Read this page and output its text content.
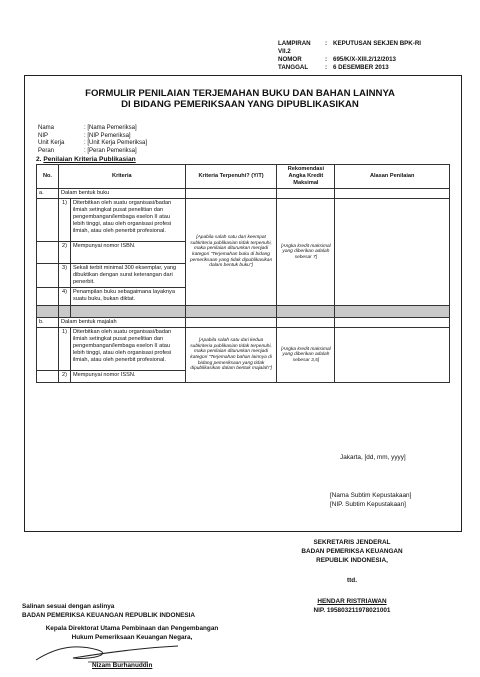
LAMPIRAN VII.2
: KEPUTUSAN SEKJEN BPK-RI
NOMOR	: 695/K/X-XIII.2/12/2013
TANGGAL	: 6 DESEMBER 2013
FORMULIR PENILAIAN TERJEMAHAN BUKU DAN BAHAN LAINNYA
DI BIDANG PEMERIKSAAN YANG DIPUBLIKASIKAN
Nama	: [Nama Pemeriksa]
NIP	: [NIP Pemeriksa]
Unit Kerja	: [Unit Kerja Pemeriksa]
Peran	: [Peran Pemeriksa]
2. Penilaian Kriteria Publikasian
No.	Kriteria		Kriteria Terpenuhi? (Y/T)	Rekomendasi Angka Kredit Maksimal	Alasan Penilaian
a.	Dalam bentuk buku				
	1)	Diterbitkan oleh suatu organisasi/badan ilmiah setingkat pusat penelitian dan pengembangan/lembaga eselon II atau lebih tinggi, atau oleh organisasi profesi ilmiah, atau oleh penerbit profesional.	[Apabila salah satu dari keempat subkriteria publikasian tidak terpenuhi, maka penilaian diturunkan menjadi kategori "Terjemahan buku di bidang pemeriksaan yang tidak dipublikasikan dalam bentuk buku"]	[Angka kredit maksimal yang diberikan adalah sebesar 7]	
	2)	Mempunyai nomor ISBN.			
	3)	Sekali terbit minimal 300 eksemplar, yang dibuktikan dengan surat keterangan dari penerbit.			
	4)	Penampilan buku sebagaimana layaknya suatu buku, bukan diktat.			

b.	Dalam bentuk majalah				
	1)	Diterbitkan oleh suatu organisasi/badan ilmiah setingkat pusat penelitian dan pengembangan/lembaga eselon II atau lebih tinggi, atau oleh organisasi profesi ilmiah, atau oleh penerbit profesional.	[Apabila salah satu dari kedua subkriteria publikasian tidak terpenuhi, maka penilaian diturunkan menjadi kategori "Terjemahan bahan lainnya di bidang pemeriksaan yang tidak dipublikasikan dalam bentuk majalah"]	[Angka kredit maksimal yang diberikan adalah sebesar 3,5]	
	2)	Mempunyai nomor ISSN.			
Jakarta, [dd, mm, yyyy]
[Nama Subtim Kepustakaan]
[NIP. Subtim Kepustakaan]
SEKRETARIS JENDERAL
BADAN PEMERIKSA KEUANGAN
REPUBLIK INDONESIA,
ttd.
HENDAR RISTRIAWAN
NIP. 195803211978021001
Salinan sesuai dengan aslinya
BADAN PEMERIKSA KEUANGAN REPUBLIK INDONESIA
Kepala Direktorat Utama Pembinaan dan Pengembangan
Hukum Pemeriksaan Keuangan Negara,
Nizam Burhanuddin
